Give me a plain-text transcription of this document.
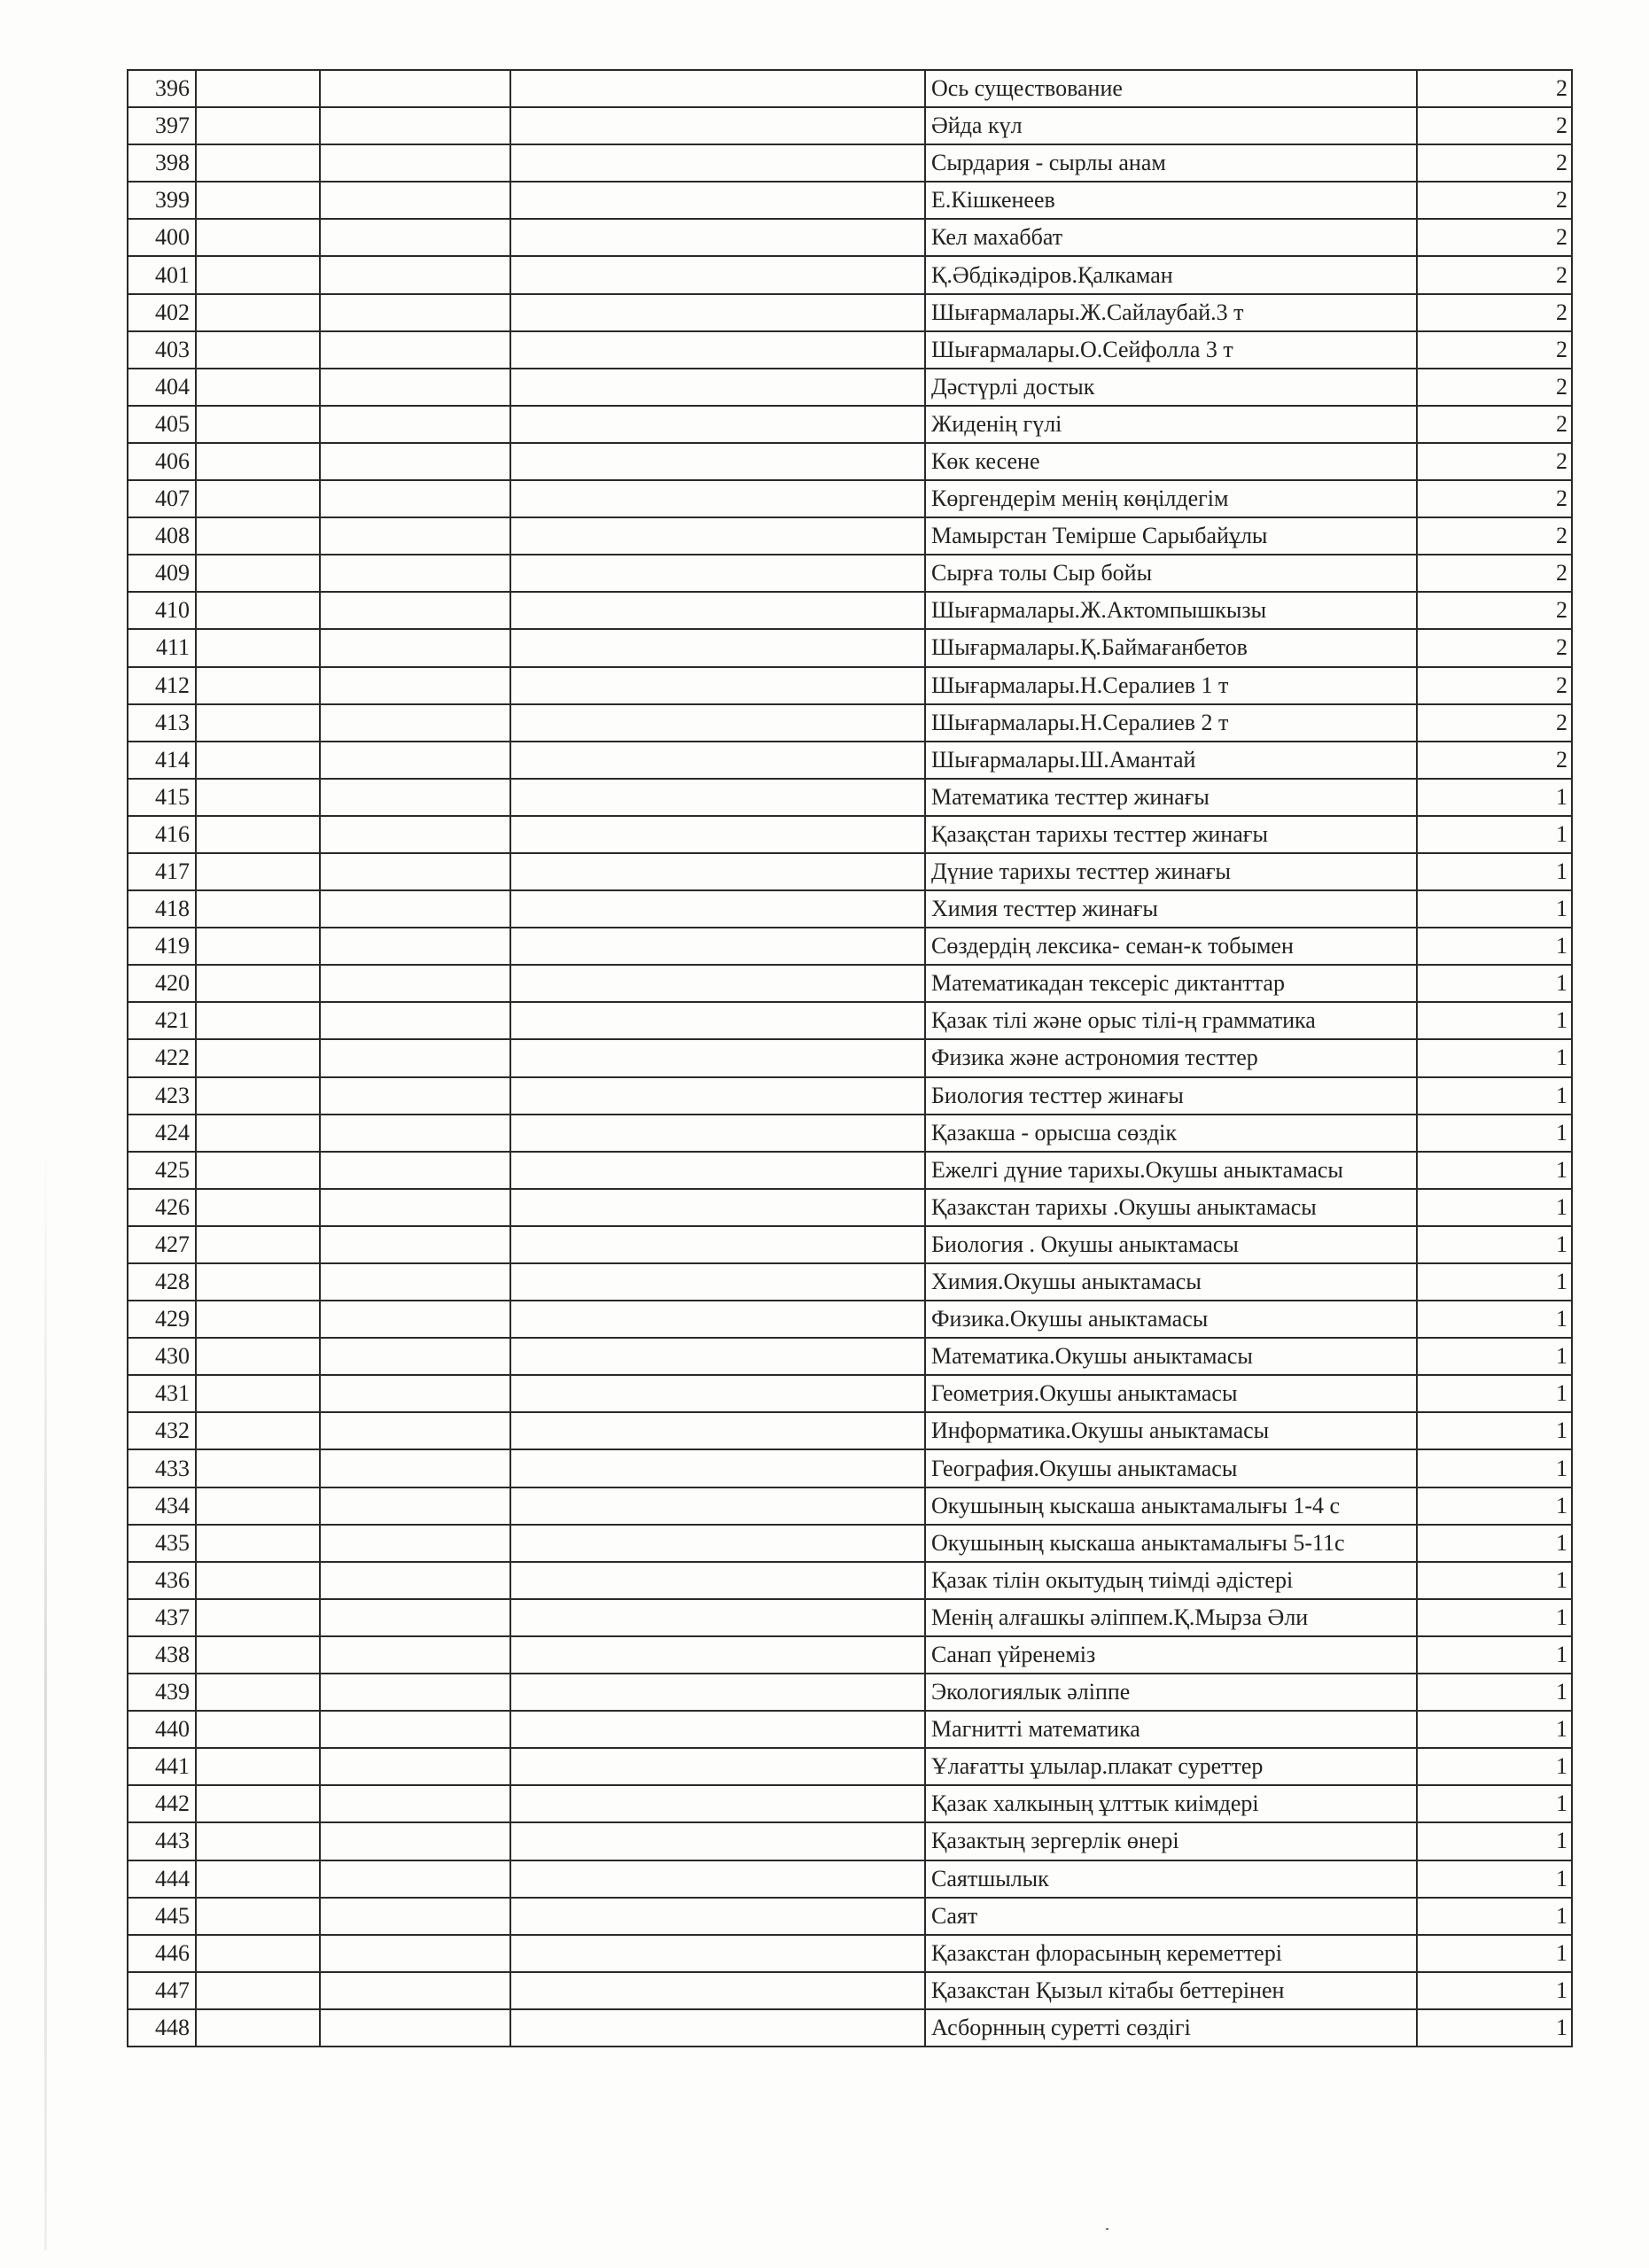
396				Ось существование	2
397				Әйда күл	2
398				Сырдария - сырлы анам	2
399				Е.Кішкенеев	2
400				Кел махаббат	2
401				Қ.Әбдікәдіров.Қалкаман	2
402				Шығармалары.Ж.Сайлаубай.3 т	2
403				Шығармалары.О.Сейфолла 3 т	2
404				Дәстүрлі достык	2
405				Жиденің гүлі	2
406				Көк кесене	2
407				Көргендерім менің көңілдегім	2
408				Мамырстан Темірше Сарыбайұлы	2
409				Сырға толы Сыр бойы	2
410				Шығармалары.Ж.Актомпышкызы	2
411				Шығармалары.Қ.Баймағанбетов	2
412				Шығармалары.Н.Сералиев 1 т	2
413				Шығармалары.Н.Сералиев 2 т	2
414				Шығармалары.Ш.Амантай	2
415				Математика тесттер жинағы	1
416				Қазақстан тарихы тесттер жинағы	1
417				Дүние тарихы тесттер жинағы	1
418				Химия тесттер жинағы	1
419				Сөздердің лексика- семан-к тобымен	1
420				Математикадан тексеріс диктанттар	1
421				Қазак тілі және орыс тілі-ң грамматика	1
422				Физика және астрономия тесттер	1
423				Биология тесттер жинағы	1
424				Қазакша - орысша сөздік	1
425				Ежелгі дүние тарихы.Окушы аныктамасы	1
426				Қазакстан тарихы .Окушы аныктамасы	1
427				Биология . Окушы аныктамасы	1
428				Химия.Окушы аныктамасы	1
429				Физика.Окушы аныктамасы	1
430				Математика.Окушы аныктамасы	1
431				Геометрия.Окушы аныктамасы	1
432				Информатика.Окушы аныктамасы	1
433				География.Окушы аныктамасы	1
434				Окушының кыскаша аныктамалығы 1-4 с	1
435				Окушының кыскаша аныктамалығы 5-11с	1
436				Қазак тілін окытудың тиімді әдістері	1
437				Менің алғашкы әліппем.Қ.Мырза Әли	1
438				Санап үйренеміз	1
439				Экологиялык әліппе	1
440				Магнитті математика	1
441				Ұлағатты ұлылар.плакат суреттер	1
442				Қазак халкының ұлттык киімдері	1
443				Қазактың зергерлік өнері	1
444				Саятшылык	1
445				Саят	1
446				Қазакстан флорасының кереметтері	1
447				Қазакстан Қызыл кітабы беттерінен	1
448				Асборнның суретті сөздігі	1
